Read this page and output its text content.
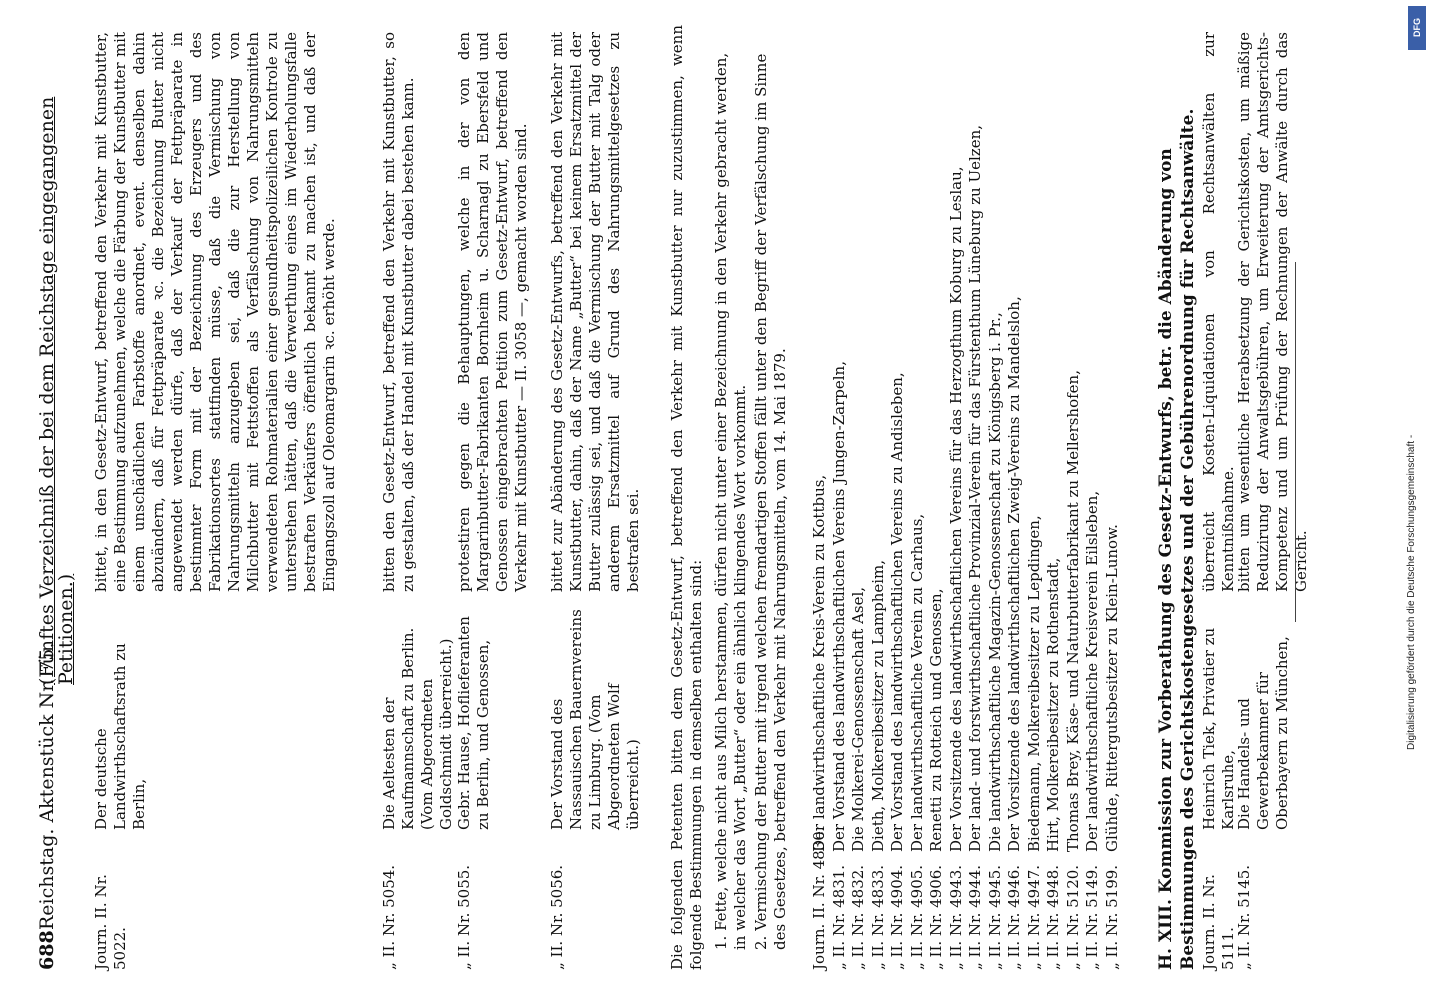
688
Reichstag. Aktenstück Nr. 75.
(Fünftes Verzeichniß der bei dem Reichstage eingegangenen Petitionen.)
Journ. II. Nr. 5022.
Der deutsche Landwirthschaftsrath zu Berlin,
bittet, in den Gesetz-Entwurf, betreffend den Verkehr mit Kunstbutter, eine Bestimmung aufzunehmen, welche die Färbung der Kunstbutter mit einem unschädlichen Farbstoffe anordnet, event. denselben dahin abzuändern, daß für Fettpräparate ꝛc. die Bezeichnung Butter nicht angewendet werden dürfe, daß der Verkauf der Fettpräparate in bestimmter Form mit der Bezeichnung des Erzeugers und des Fabrikationsortes stattfinden müsse, daß die Vermischung von Nahrungsmitteln anzugeben sei, daß die zur Herstellung von Milchbutter mit Fettstoffen als Verfälschung von Nahrungsmitteln verwendeten Rohmaterialien einer gesundheitspolizeilichen Kontrole zu unterstehen hätten, daß die Verwerthung eines im Wiederholungsfalle bestraften Verkäufers öffentlich bekannt zu machen ist, und daß der Eingangszoll auf Oleomargarin ꝛc. erhöht werde.
„ II. Nr. 5054.
Die Aeltesten der Kaufmannschaft zu Berlin. (Vom Abgeordneten Goldschmidt überreicht.)
bitten den Gesetz-Entwurf, betreffend den Verkehr mit Kunstbutter, so zu gestalten, daß der Handel mit Kunstbutter dabei bestehen kann.
„ II. Nr. 5055.
Gebr. Hause, Hoflieferanten zu Berlin, und Genossen,
protestiren gegen die Behauptungen, welche in der von den Margarinbutter-Fabrikanten Bornheim u. Scharnagl zu Ebersfeld und Genossen eingebrachten Petition zum Gesetz-Entwurf, betreffend den Verkehr mit Kunstbutter — II. 3058 —, gemacht worden sind.
„ II. Nr. 5056.
Der Vorstand des Nassauischen Bauernvereins zu Limburg. (Vom Abgeordneten Wolf überreicht.)
bittet zur Abänderung des Gesetz-Entwurfs, betreffend den Verkehr mit Kunstbutter, dahin, daß der Name „Butter“ bei keinem Ersatzmittel der Butter zulässig sei, und daß die Vermischung der Butter mit Talg oder anderem Ersatzmittel auf Grund des Nahrungsmittelgesetzes zu bestrafen sei. Die folgenden Petenten bitten dem Gesetz-Entwurf, betreffend den Verkehr mit Kunstbutter nur zuzustimmen, wenn folgende Bestimmungen in demselben enthalten sind: 1. Fette, welche nicht aus Milch herstammen, dürfen nicht unter einer Bezeichnung in den Verkehr gebracht werden, in welcher das Wort „Butter“ oder ein ähnlich klingendes Wort vorkommt. 2. Vermischung der Butter mit irgend welchen fremdartigen Stoffen fällt unter den Begriff der Verfälschung im Sinne des Gesetzes, betreffend den Verkehr mit Nahrungsmitteln, vom 14. Mai 1879. Journ. II. Nr. 4830.
Der landwirthschaftliche Kreis-Verein zu Kottbus,
„ II. Nr. 4831.
Der Vorstand des landwirthschaftlichen Vereins Jungen-Zarpeln,
„ II. Nr. 4832.
Die Molkerei-Genossenschaft Asel,
„ II. Nr. 4833.
Dieth, Molkereibesitzer zu Lampheim,
„ II. Nr. 4904.
Der Vorstand des landwirthschaftlichen Vereins zu Andisleben,
„ II. Nr. 4905.
Der landwirthschaftliche Verein zu Carhaus,
„ II. Nr. 4906.
Renetti zu Rotteich und Genossen,
„ II. Nr. 4943.
Der Vorsitzende des landwirthschaftlichen Vereins für das Herzogthum Koburg zu Leslau,
„ II. Nr. 4944.
Der land- und forstwirthschaftliche Provinzial-Verein für das Fürstenthum Lüneburg zu Uelzen,
„ II. Nr. 4945.
Die landwirthschaftliche Magazin-Genossenschaft zu Königsberg i. Pr.,
„ II. Nr. 4946.
Der Vorsitzende des landwirthschaftlichen Zweig-Vereins zu Mandelsloh,
„ II. Nr. 4947.
Biedemann, Molkereibesitzer zu Lepdingen,
„ II. Nr. 4948.
Hirt, Molkereibesitzer zu Rothenstadt,
„ II. Nr. 5120.
Thomas Brey, Käse- und Naturbutterfabrikant zu Mellershofen,
„ II. Nr. 5149.
Der landwirthschaftliche Kreisverein Eilsleben,
„ II. Nr. 5199.
Glühde, Rittergutsbesitzer zu Klein-Lunow. H. XIII. Kommission zur Vorberathung des Gesetz-Entwurfs, betr. die Abänderung von Bestimmungen des Gerichtskostengesetzes und der Gebührenordnung für Rechtsanwälte. Journ. II. Nr. 5111.
Heinrich Tiek, Privatier zu Karlsruhe,
überreicht Kosten-Liquidationen von Rechtsanwälten zur Kenntnißnahme.
„ II. Nr. 5145.
Die Handels- und Gewerbekammer für Oberbayern zu München,
bitten um wesentliche Herabsetzung der Gerichtskosten, um mäßige Reduzirung der Anwaltsgebühren, um Erweiterung der Amtsgerichts-Kompetenz und um Prüfung der Rechnungen der Anwälte durch das Gericht.
DFG
Digitalisierung gefördert durch die Deutsche Forschungsgemeinschaft -
